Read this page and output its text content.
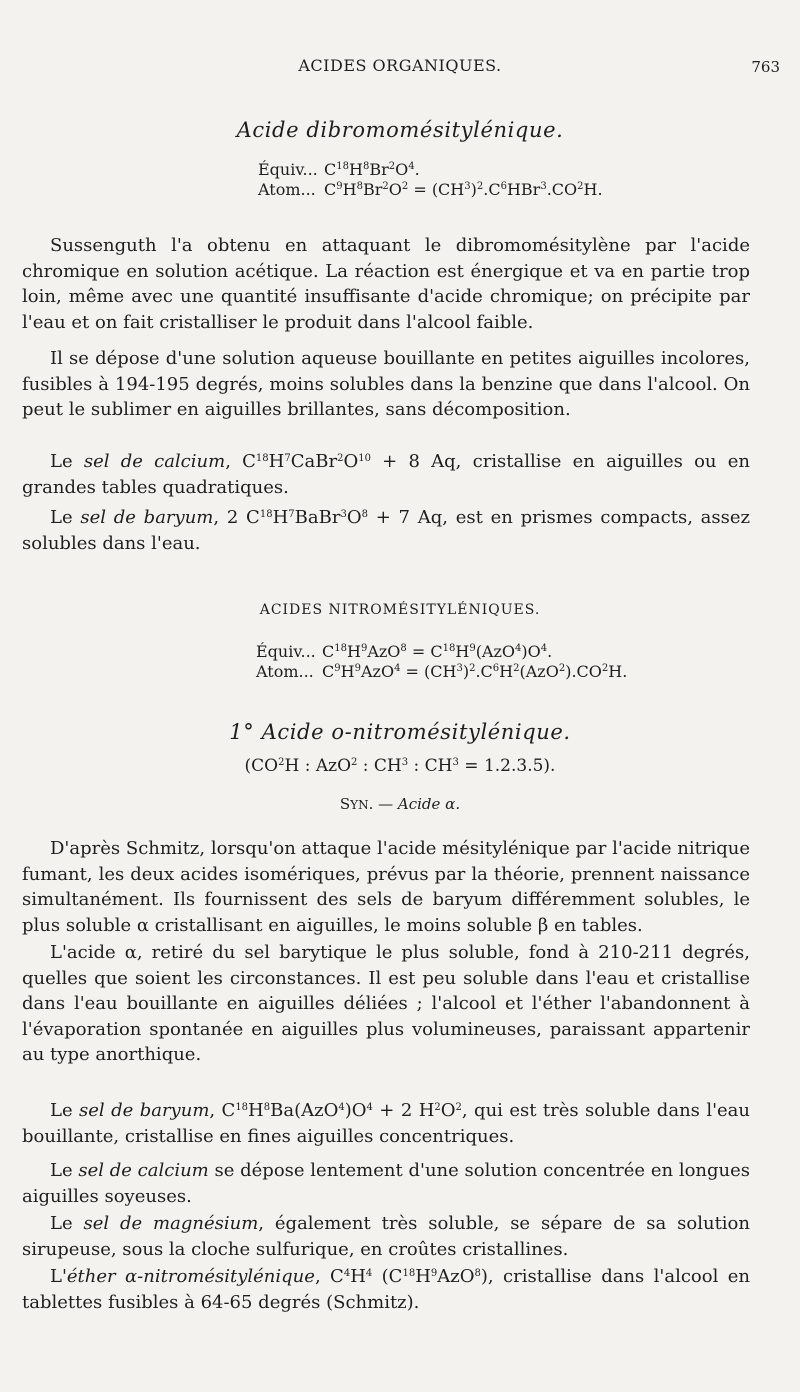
ACIDES ORGANIQUES.	763
Acide dibromomésitylénique.
Équiv... $C^{18}H^8Br^2O^4$.
Atom... $C^9H^8Br^2O^2 = (CH^3)^2.C^6HBr^3.CO^2H$.
Sussenguth l'a obtenu en attaquant le dibromomésitylène par l'acide chromique en solution acétique. La réaction est énergique et va en partie trop loin, même avec une quantité insuffisante d'acide chromique; on précipite par l'eau et on fait cristalliser le produit dans l'alcool faible.
Il se dépose d'une solution aqueuse bouillante en petites aiguilles incolores, fusibles à 194-195 degrés, moins solubles dans la benzine que dans l'alcool. On peut le sublimer en aiguilles brillantes, sans décomposition.
Le sel de calcium, $C^{18}H^7CaBr^2O^{10} + 8$ Aq, cristallise en aiguilles ou en grandes tables quadratiques.
Le sel de baryum, 2 $C^{18}H^7BaBr^3O^8 + 7$ Aq, est en prismes compacts, assez solubles dans l'eau.
ACIDES NITROMÉSITYLÉNIQUES.
Équiv... $C^{18}H^9AzO^8 = C^{18}H^9(AzO^4)O^4$.
Atom... $C^9H^9AzO^4 = (CH^3)^2.C^6H^2(AzO^2).CO^2H$.
1° Acide o-nitromésitylénique.
($CO^2H$ : AzO$^2$ : $CH^3$ : $CH^3 = 1.2.3.5$).
SYN. — Acide α.
D'après Schmitz, lorsqu'on attaque l'acide mésitylénique par l'acide nitrique fumant, les deux acides isomériques, prévus par la théorie, prennent naissance simultanément. Ils fournissent des sels de baryum différemment solubles, le plus soluble α cristallisant en aiguilles, le moins soluble β en tables.
L'acide α, retiré du sel barytique le plus soluble, fond à 210-211 degrés, quelles que soient les circonstances. Il est peu soluble dans l'eau et cristallise dans l'eau bouillante en aiguilles déliées ; l'alcool et l'éther l'abandonnent à l'évaporation spontanée en aiguilles plus volumineuses, paraissant appartenir au type anorthique.
Le sel de baryum, $C^{18}H^8Ba(AzO^4)O^4 + 2$ $H^2O^2$, qui est très soluble dans l'eau bouillante, cristallise en fines aiguilles concentriques.
Le sel de calcium se dépose lentement d'une solution concentrée en longues aiguilles soyeuses.
Le sel de magnésium, également très soluble, se sépare de sa solution sirupeuse, sous la cloche sulfurique, en croûtes cristallines.
L'éther α-nitromésitylénique, $C^4H^4$ $(C^{18}H^9AzO^8)$, cristallise dans l'alcool en tablettes fusibles à 64-65 degrés (Schmitz).
